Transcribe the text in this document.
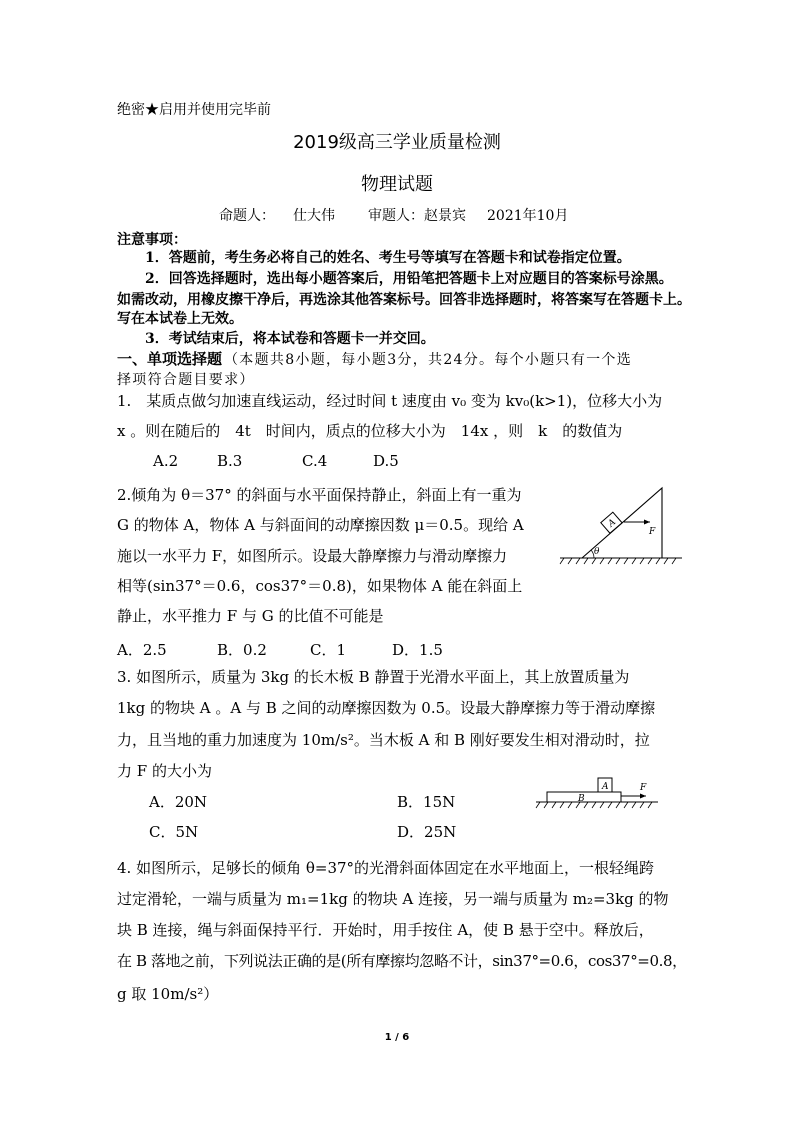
绝密★启用并使用完毕前
2019级高三学业质量检测
物理试题
命题人： 仕大伟 审题人：赵景宾 2021年10月
注意事项：
1．答题前，考生务必将自己的姓名、考生号等填写在答题卡和试卷指定位置。
2．回答选择题时，选出每小题答案后，用铅笔把答题卡上对应题目的答案标号涂黑。
如需改动，用橡皮擦干净后，再选涂其他答案标号。回答非选择题时，将答案写在答题卡上。
写在本试卷上无效。
3．考试结束后，将本试卷和答题卡一并交回。
一、单项选择题 （本题共8小题，每小题3分，共24分。每个小题只有一个选
择项符合题目要求）
1.　某质点做匀加速直线运动，经过时间 t 速度由 v₀ 变为 kv₀(k>1)，位移大小为
x 。则在随后的　4t　时间内，质点的位移大小为　14x ，则　k　的数值为
A.2	B.3	C.4	D.5
2.倾角为 θ＝37° 的斜面与水平面保持静止，斜面上有一重为
G 的物体 A，物体 A 与斜面间的动摩擦因数 μ＝0.5。现给 A
施以一水平力 F，如图所示。设最大静摩擦力与滑动摩擦力
相等(sin37°＝0.6，cos37°＝0.8)，如果物体 A 能在斜面上
静止，水平推力 F 与 G 的比值不可能是
A．2.5	B．0.2	C．1	D．1.5
θ
A
F
3. 如图所示，质量为 3kg 的长木板 B 静置于光滑水平面上，其上放置质量为
1kg 的物块 A 。A 与 B 之间的动摩擦因数为 0.5。设最大静摩擦力等于滑动摩擦
力，且当地的重力加速度为 10m/s²。当木板 A 和 B 刚好要发生相对滑动时，拉
力 F 的大小为
A．20N	B．15N
C．5N	D．25N
B
A	F
4. 如图所示，足够长的倾角 θ=37°的光滑斜面体固定在水平地面上，一根轻绳跨
过定滑轮，一端与质量为 m₁=1kg 的物块 A 连接，另一端与质量为 m₂=3kg 的物
块 B 连接，绳与斜面保持平行．开始时，用手按住 A，使 B 悬于空中。释放后，
在 B 落地之前，下列说法正确的是(所有摩擦均忽略不计，sin37°=0.6，cos37°=0.8，
g 取 10m/s²）
1 / 6
